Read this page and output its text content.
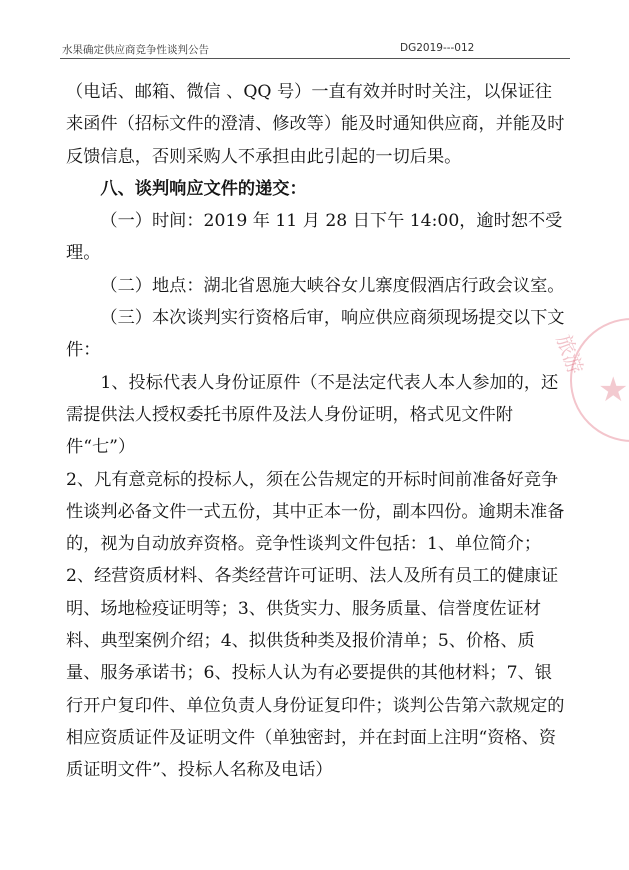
水果确定供应商竞争性谈判公告	DG2019---012
旅游
★

（电话、邮箱、微信 、QQ 号）一直有效并时时关注，以保证往来函件（招标文件的澄清、修改等）能及时通知供应商，并能及时反馈信息，否则采购人不承担由此引起的一切后果。

八、谈判响应文件的递交：

（一）时间：2019 年 11 月 28 日下午 14:00，逾时恕不受理。

（二）地点：湖北省恩施大峡谷女儿寨度假酒店行政会议室。

（三）本次谈判实行资格后审，响应供应商须现场提交以下文件：

1、投标代表人身份证原件（不是法定代表人本人参加的，还需提供法人授权委托书原件及法人身份证明，格式见文件附件“七”）

2、凡有意竞标的投标人，须在公告规定的开标时间前准备好竞争性谈判必备文件一式五份，其中正本一份，副本四份。逾期未准备的，视为自动放弃资格。竞争性谈判文件包括：1、单位简介；2、经营资质材料、各类经营许可证明、法人及所有员工的健康证明、场地检疫证明等；3、供货实力、服务质量、信誉度佐证材料、典型案例介绍；4、拟供货种类及报价清单；5、价格、质量、服务承诺书；6、投标人认为有必要提供的其他材料；7、银行开户复印件、单位负责人身份证复印件；谈判公告第六款规定的相应资质证件及证明文件（单独密封，并在封面上注明“资格、资质证明文件”、投标人名称及电话）
